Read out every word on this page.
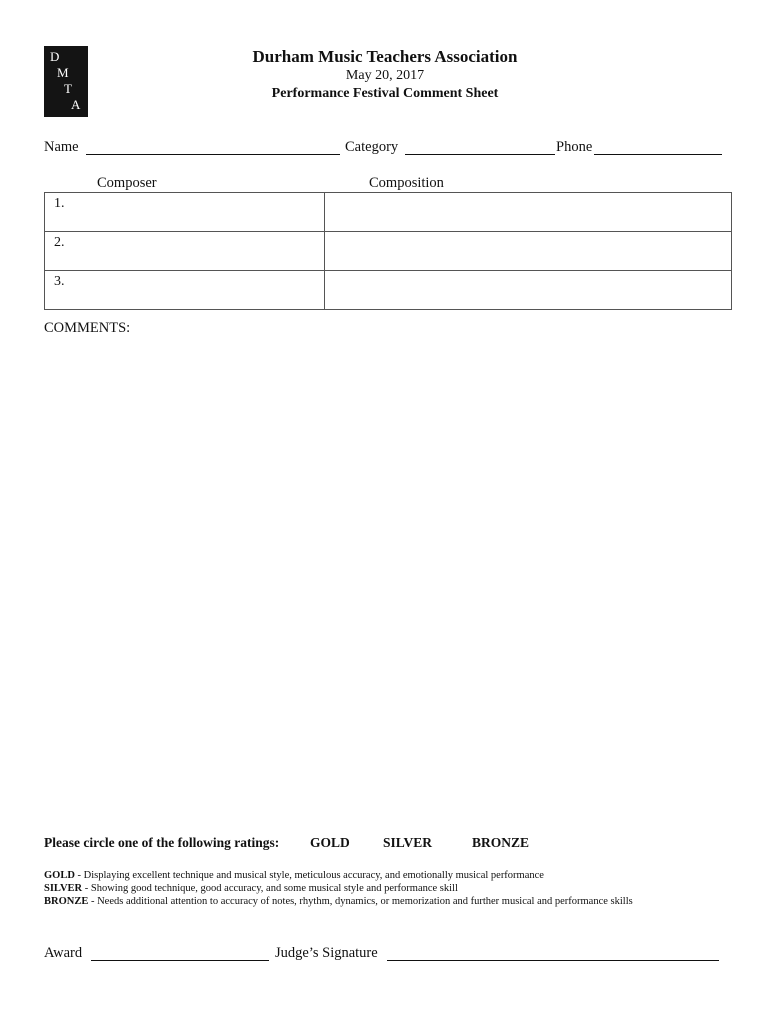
D
M
T
A
Durham Music Teachers Association
May 20, 2017
Performance Festival Comment Sheet
Name	Category	Phone
Composer	Composition
1.	
2.	
3.	
COMMENTS:
Please circle one of the following ratings: GOLD SILVER	BRONZE
GOLD - Displaying excellent technique and musical style, meticulous accuracy, and emotionally musical performance
SILVER - Showing good technique, good accuracy, and some musical style and performance skill
BRONZE - Needs additional attention to accuracy of notes, rhythm, dynamics, or memorization and further musical and performance skills
Award	Judge’s Signature
